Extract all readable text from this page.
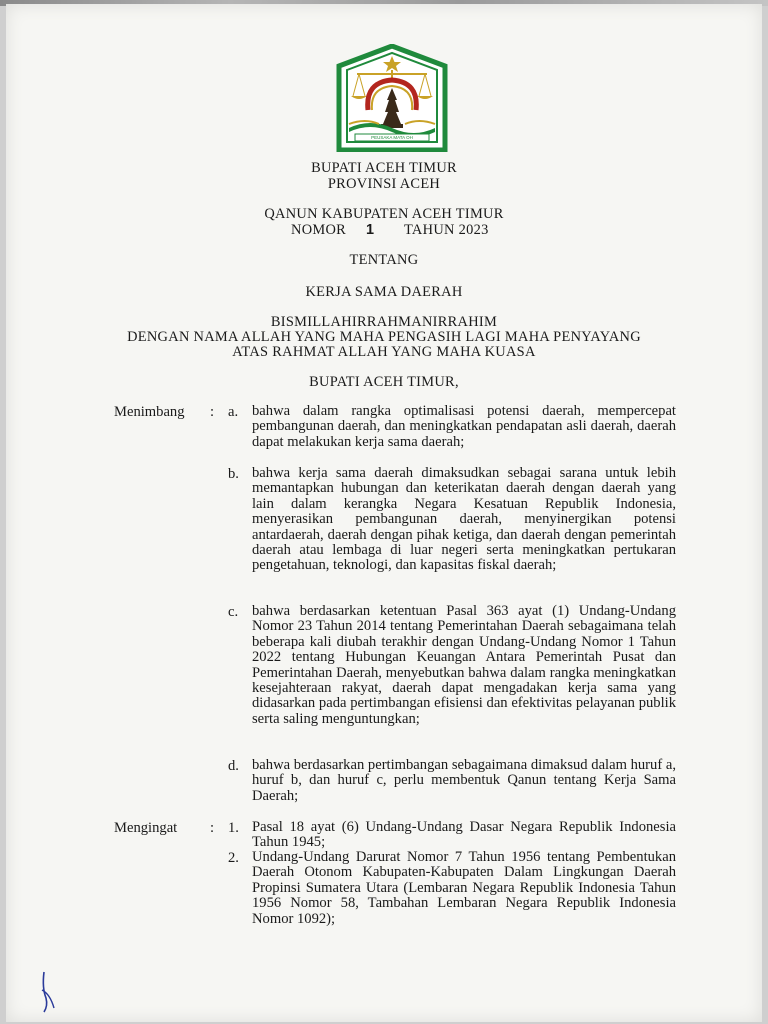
PEUSAKA MATA OH
BUPATI ACEH TIMUR
PROVINSI ACEH
QANUN KABUPATEN ACEH TIMUR
NOMOR 1 TAHUN 2023
TENTANG
KERJA SAMA DAERAH
BISMILLAHIRRAHMANIRRAHIM
DENGAN NAMA ALLAH YANG MAHA PENGASIH LAGI MAHA PENYAYANG
ATAS RAHMAT ALLAH YANG MAHA KUASA
BUPATI ACEH TIMUR,
Menimbang : a. bahwa dalam rangka optimalisasi potensi daerah, mempercepat pembangunan daerah, dan meningkatkan pendapatan asli daerah, daerah dapat melakukan kerja sama daerah;
b. bahwa kerja sama daerah dimaksudkan sebagai sarana untuk lebih memantapkan hubungan dan keterikatan daerah dengan daerah yang lain dalam kerangka Negara Kesatuan Republik Indonesia, menyerasikan pembangunan daerah, menyinergikan potensi antardaerah, daerah dengan pihak ketiga, dan daerah dengan pemerintah daerah atau lembaga di luar negeri serta meningkatkan pertukaran pengetahuan, teknologi, dan kapasitas fiskal daerah;
c. bahwa berdasarkan ketentuan Pasal 363 ayat (1) Undang-Undang Nomor 23 Tahun 2014 tentang Pemerintahan Daerah sebagaimana telah beberapa kali diubah terakhir dengan Undang-Undang Nomor 1 Tahun 2022 tentang Hubungan Keuangan Antara Pemerintah Pusat dan Pemerintahan Daerah, menyebutkan bahwa dalam rangka meningkatkan kesejahteraan rakyat, daerah dapat mengadakan kerja sama yang didasarkan pada pertimbangan efisiensi dan efektivitas pelayanan publik serta saling menguntungkan;
d. bahwa berdasarkan pertimbangan sebagaimana dimaksud dalam huruf a, huruf b, dan huruf c, perlu membentuk Qanun tentang Kerja Sama Daerah;
Mengingat : 1. Pasal 18 ayat (6) Undang-Undang Dasar Negara Republik Indonesia Tahun 1945;
2. Undang-Undang Darurat Nomor 7 Tahun 1956 tentang Pembentukan Daerah Otonom Kabupaten-Kabupaten Dalam Lingkungan Daerah Propinsi Sumatera Utara (Lembaran Negara Republik Indonesia Tahun 1956 Nomor 58, Tambahan Lembaran Negara Republik Indonesia Nomor 1092);
